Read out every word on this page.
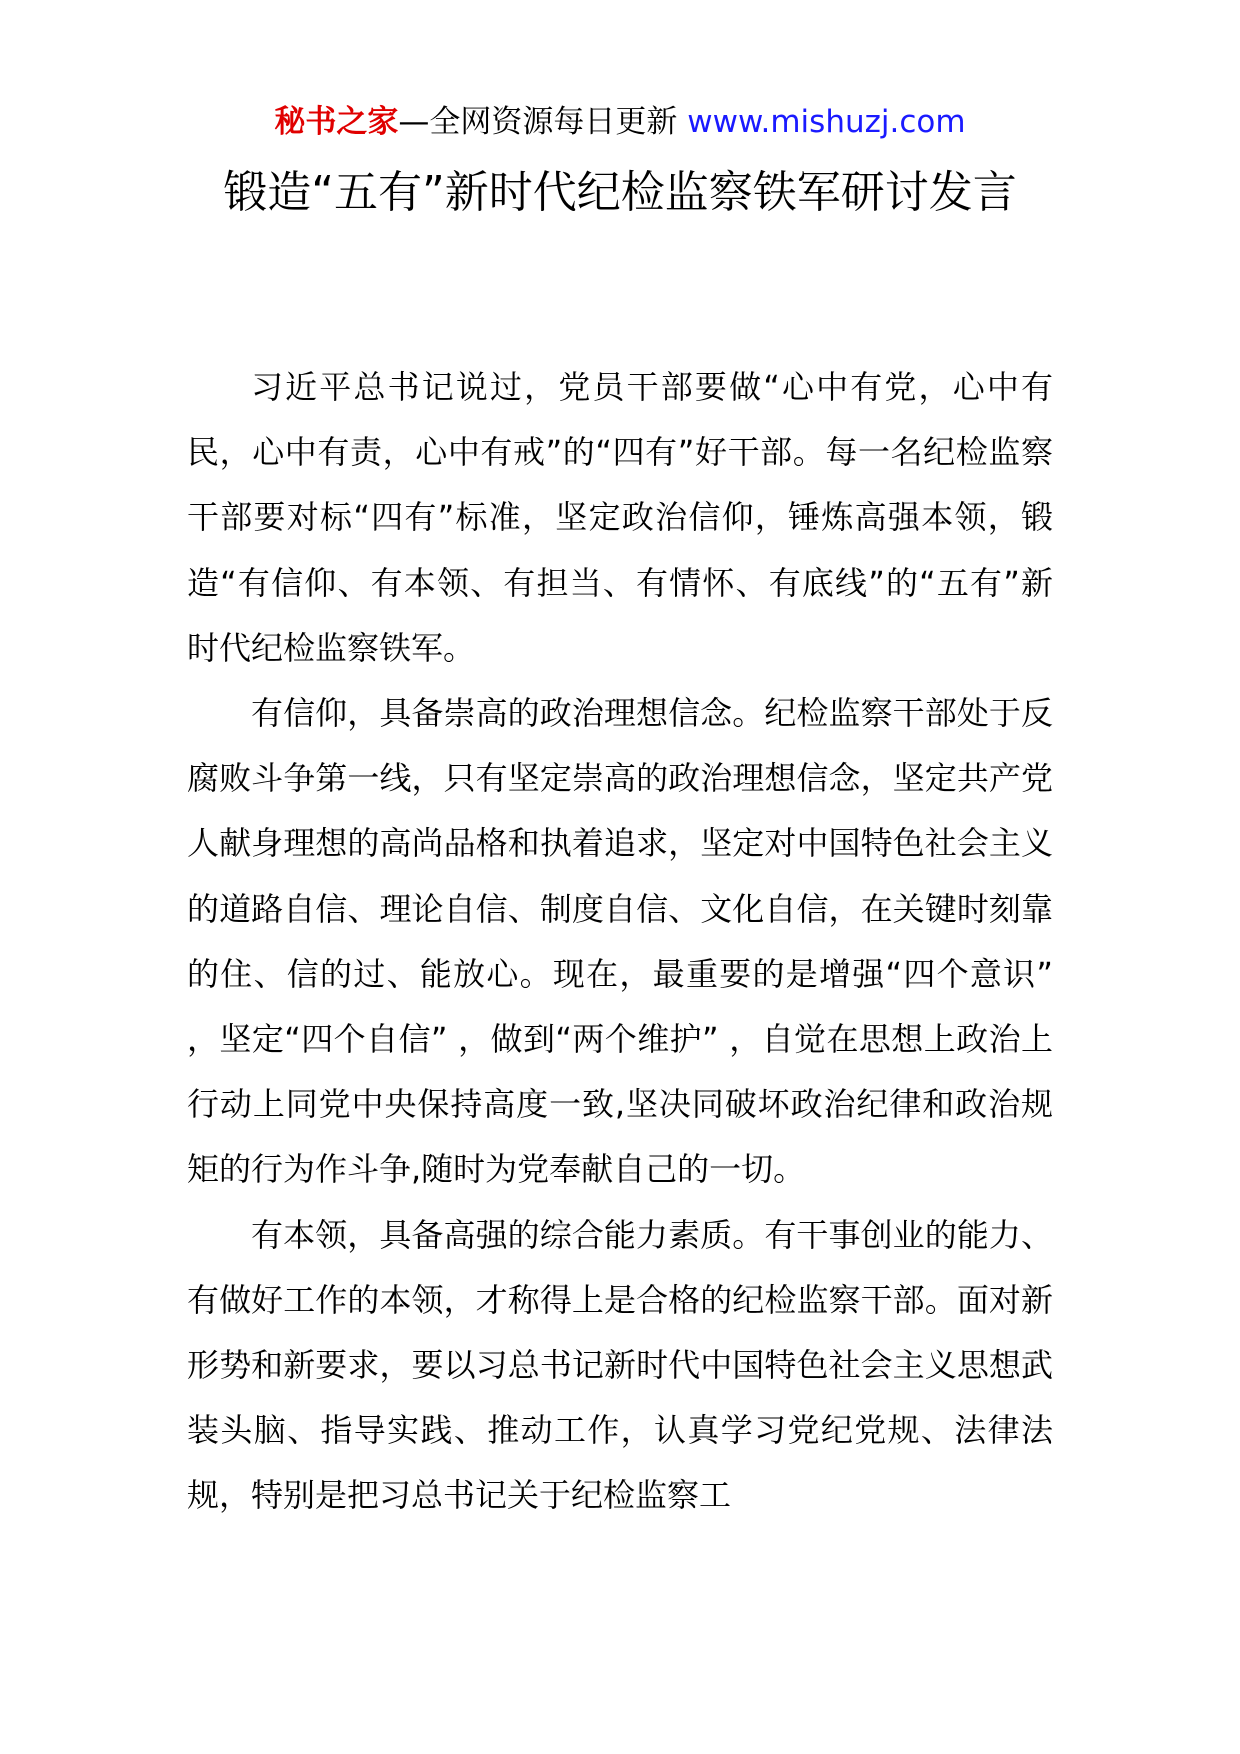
秘书之家—全网资源每日更新 www.mishuzj.com
锻造“五有”新时代纪检监察铁军研讨发言

习近平总书记说过，党员干部要做“心中有党，心中有民，心中有责，心中有戒”的“四有”好干部。每一名纪检监察干部要对标“四有”标准，坚定政治信仰，锤炼高强本领，锻造“有信仰、有本领、有担当、有情怀、有底线”的“五有”新时代纪检监察铁军。

有信仰，具备崇高的政治理想信念。纪检监察干部处于反腐败斗争第一线，只有坚定崇高的政治理想信念，坚定共产党人献身理想的高尚品格和执着追求，坚定对中国特色社会主义的道路自信、理论自信、制度自信、文化自信，在关键时刻靠的住、信的过、能放心。现在，最重要的是增强“四个意识” ，坚定“四个自信” ，做到“两个维护” ，自觉在思想上政治上行动上同党中央保持高度一致,坚决同破坏政治纪律和政治规矩的行为作斗争,随时为党奉献自己的一切。

有本领，具备高强的综合能力素质。有干事创业的能力、有做好工作的本领，才称得上是合格的纪检监察干部。面对新形势和新要求，要以习总书记新时代中国特色社会主义思想武装头脑、指导实践、推动工作，认真学习党纪党规、法律法规，特别是把习总书记关于纪检监察工
